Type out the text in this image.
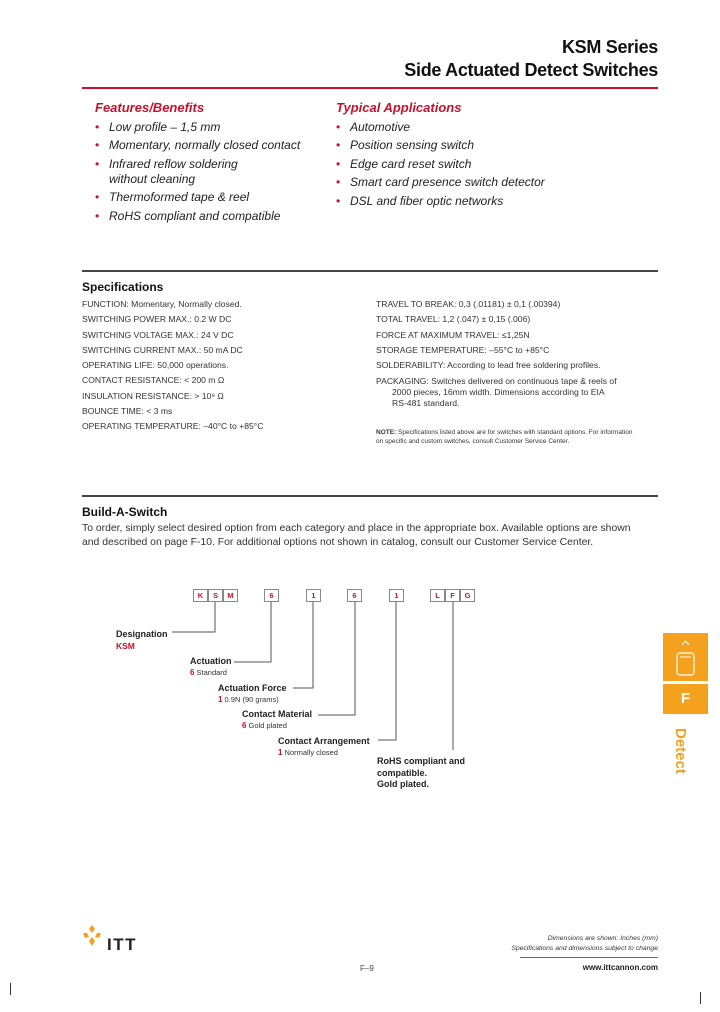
KSM Series
Side Actuated Detect Switches
Features/Benefits
• Low profile – 1,5 mm
• Momentary, normally closed contact
• Infrared reflow soldering
without cleaning
• Thermoformed tape & reel
• RoHS compliant and compatible
Typical Applications
• Automotive
• Position sensing switch
• Edge card reset switch
• Smart card presence switch detector
• DSL and fiber optic networks
Specifications
FUNCTION: Momentary, Normally closed.
SWITCHING POWER MAX.: 0.2 W DC
SWITCHING VOLTAGE MAX.: 24 V DC
SWITCHING CURRENT MAX.: 50 mA DC
OPERATING LIFE: 50,000 operations.
CONTACT RESISTANCE: < 200 m Ω
INSULATION RESISTANCE: > 10⁹ Ω
BOUNCE TIME: < 3 ms
OPERATING TEMPERATURE: –40°C to +85°C
TRAVEL TO BREAK: 0,3 (.01181) ± 0,1 (.00394)
TOTAL TRAVEL: 1,2 (.047) ± 0,15 (.006)
FORCE AT MAXIMUM TRAVEL: ≤1,25N
STORAGE TEMPERATURE: –55°C to +85°C
SOLDERABILITY: According to lead free soldering profiles.
PACKAGING: Switches delivered on continuous tape & reels of
2000 pieces, 16mm width. Dimensions according to EIA
RS-481 standard.
NOTE: Specifications listed above are for switches with standard options. For information
on specific and custom switches, consult Customer Service Center.
Build-A-Switch
To order, simply select desired option from each category and place in the appropriate box. Available options are shown
and described on page F-10. For additional options not shown in catalog, consult our Customer Service Center.
K	S	M	6	1	6	1	L	F	G
Designation
KSM
Actuation
6 Standard
Actuation Force
1 0.9N (90 grams)
Contact Material
6 Gold plated
Contact Arrangement
1 Normally closed
RoHS compliant and
compatible.
Gold plated.
F
Detect
ITT	Dimensions are shown: Inches (mm)
Specifications and dimensions subject to change
F–9	www.ittcannon.com
